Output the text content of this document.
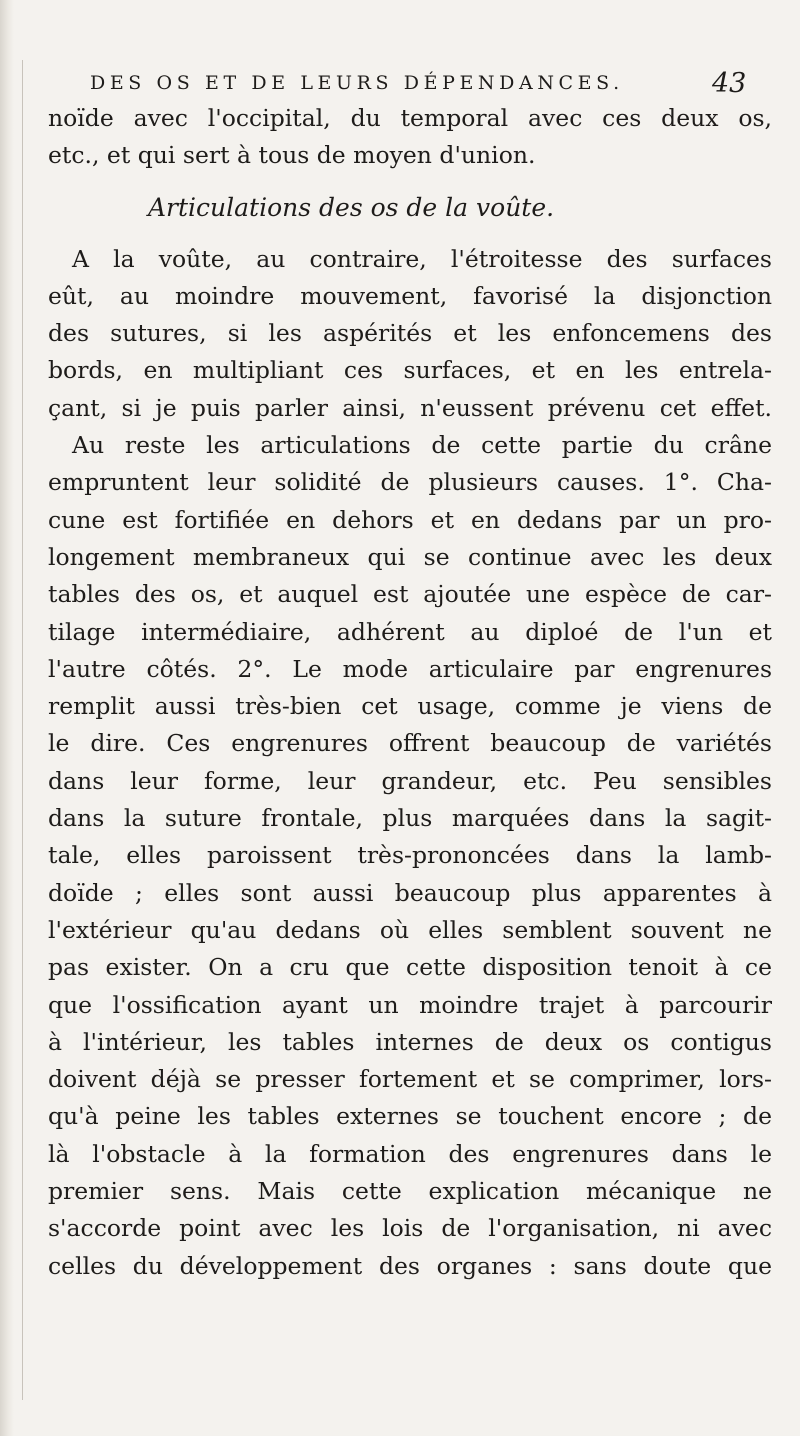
DES OS ET DE LEURS DÉPENDANCES.	43
noïde avec l'occipital, du temporal avec ces deux os,
etc., et qui sert à tous de moyen d'union.
Articulations des os de la voûte.
A la voûte, au contraire, l'étroitesse des surfaces
eût, au moindre mouvement, favorisé la disjonction
des sutures, si les aspérités et les enfoncemens des
bords, en multipliant ces surfaces, et en les entrela-
çant, si je puis parler ainsi, n'eussent prévenu cet effet.
Au reste les articulations de cette partie du crâne
empruntent leur solidité de plusieurs causes. 1°. Cha-
cune est fortifiée en dehors et en dedans par un pro-
longement membraneux qui se continue avec les deux
tables des os, et auquel est ajoutée une espèce de car-
tilage intermédiaire, adhérent au diploé de l'un et
l'autre côtés. 2°. Le mode articulaire par engrenures
remplit aussi très-bien cet usage, comme je viens de
le dire. Ces engrenures offrent beaucoup de variétés
dans leur forme, leur grandeur, etc. Peu sensibles
dans la suture frontale, plus marquées dans la sagit-
tale, elles paroissent très-prononcées dans la lamb-
doïde ; elles sont aussi beaucoup plus apparentes à
l'extérieur qu'au dedans où elles semblent souvent ne
pas exister. On a cru que cette disposition tenoit à ce
que l'ossification ayant un moindre trajet à parcourir
à l'intérieur, les tables internes de deux os contigus
doivent déjà se presser fortement et se comprimer, lors-
qu'à peine les tables externes se touchent encore ; de
là l'obstacle à la formation des engrenures dans le
premier sens. Mais cette explication mécanique ne
s'accorde point avec les lois de l'organisation, ni avec
celles du développement des organes : sans doute que
